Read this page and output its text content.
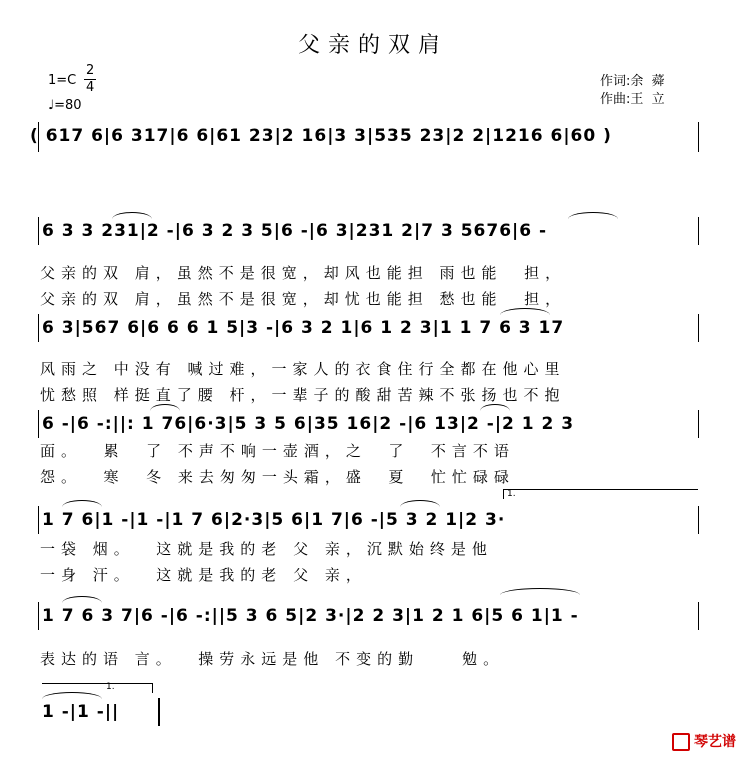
父亲的双肩
1=C
2
4
♩=80
作词:余  蕣
作曲:王  立
( 617 6|6 317|6 6|61 23|2 16|3 3|535 23|2 2|1216 6|60 )
6 3 3 231|2 -|6 3 2 3 5|6 -|6 3|231 2|7 3 5676|6 -
父亲的双 肩，虽然不是很宽，却风也能担 雨也能  担，
父亲的双 肩，虽然不是很宽，却忧也能担 愁也能  担，
6 3|567 6|6 6 6 1 5|3 -|6 3 2 1|6 1 2 3|1 1 7 6 3 17
风雨之 中没有 喊过难，一家人的衣食住行全都在他心里
忧愁照 样挺直了腰 杆，一辈子的酸甜苦辣不张扬也不抱
6 -|6 -:||: 1 76|6·3|5 3 5 6|35 16|2 -|6 13|2 -|2 1 2 3
面。  累  了 不声不响一壶酒，之  了  不言不语
怨。  寒  冬 来去匆匆一头霜，盛  夏  忙忙碌碌
1.
1 7 6|1 -|1 -|1 7 6|2·3|5 6|1 7|6 -|5 3 2 1|2 3·
一袋 烟。  这就是我的老 父 亲，沉默始终是他
一身 汗。  这就是我的老 父 亲，
1 7 6 3 7|6 -|6 -:||5 3 6 5|2 3·|2 2 3|1 2 1 6|5 6 1|1 -
表达的语 言。  操劳永远是他 不变的勤    勉。
1.
1 -|1 -||
琴艺谱
